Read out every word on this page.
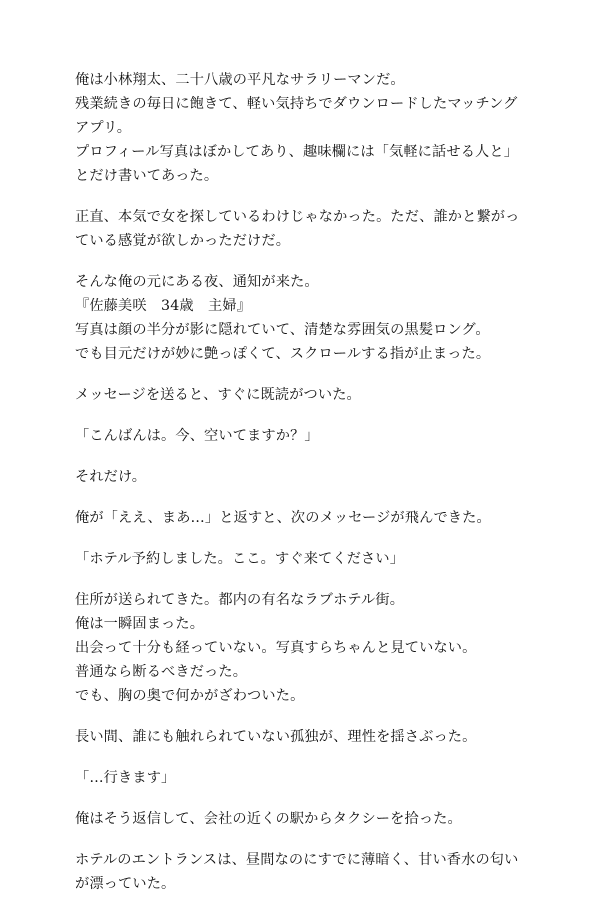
俺は小林翔太、二十八歳の平凡なサラリーマンだ。
残業続きの毎日に飽きて、軽い気持ちでダウンロードしたマッチング
アプリ。
プロフィール写真はぼかしてあり、趣味欄には「気軽に話せる人と」
とだけ書いてあった。

正直、本気で女を探しているわけじゃなかった。ただ、誰かと繋がっ
ている感覚が欲しかっただけだ。

そんな俺の元にある夜、通知が来た。
『佐藤美咲　34歳　主婦』
写真は顔の半分が影に隠れていて、清楚な雰囲気の黒髪ロング。
でも目元だけが妙に艶っぽくて、スクロールする指が止まった。

メッセージを送ると、すぐに既読がついた。

「こんばんは。今、空いてますか？」

それだけ。

俺が「ええ、まあ…」と返すと、次のメッセージが飛んできた。

「ホテル予約しました。ここ。すぐ来てください」

住所が送られてきた。都内の有名なラブホテル街。
俺は一瞬固まった。
出会って十分も経っていない。写真すらちゃんと見ていない。
普通なら断るべきだった。
でも、胸の奥で何かがざわついた。

長い間、誰にも触れられていない孤独が、理性を揺さぶった。

「…行きます」

俺はそう返信して、会社の近くの駅からタクシーを拾った。

ホテルのエントランスは、昼間なのにすでに薄暗く、甘い香水の匂い
が漂っていた。
